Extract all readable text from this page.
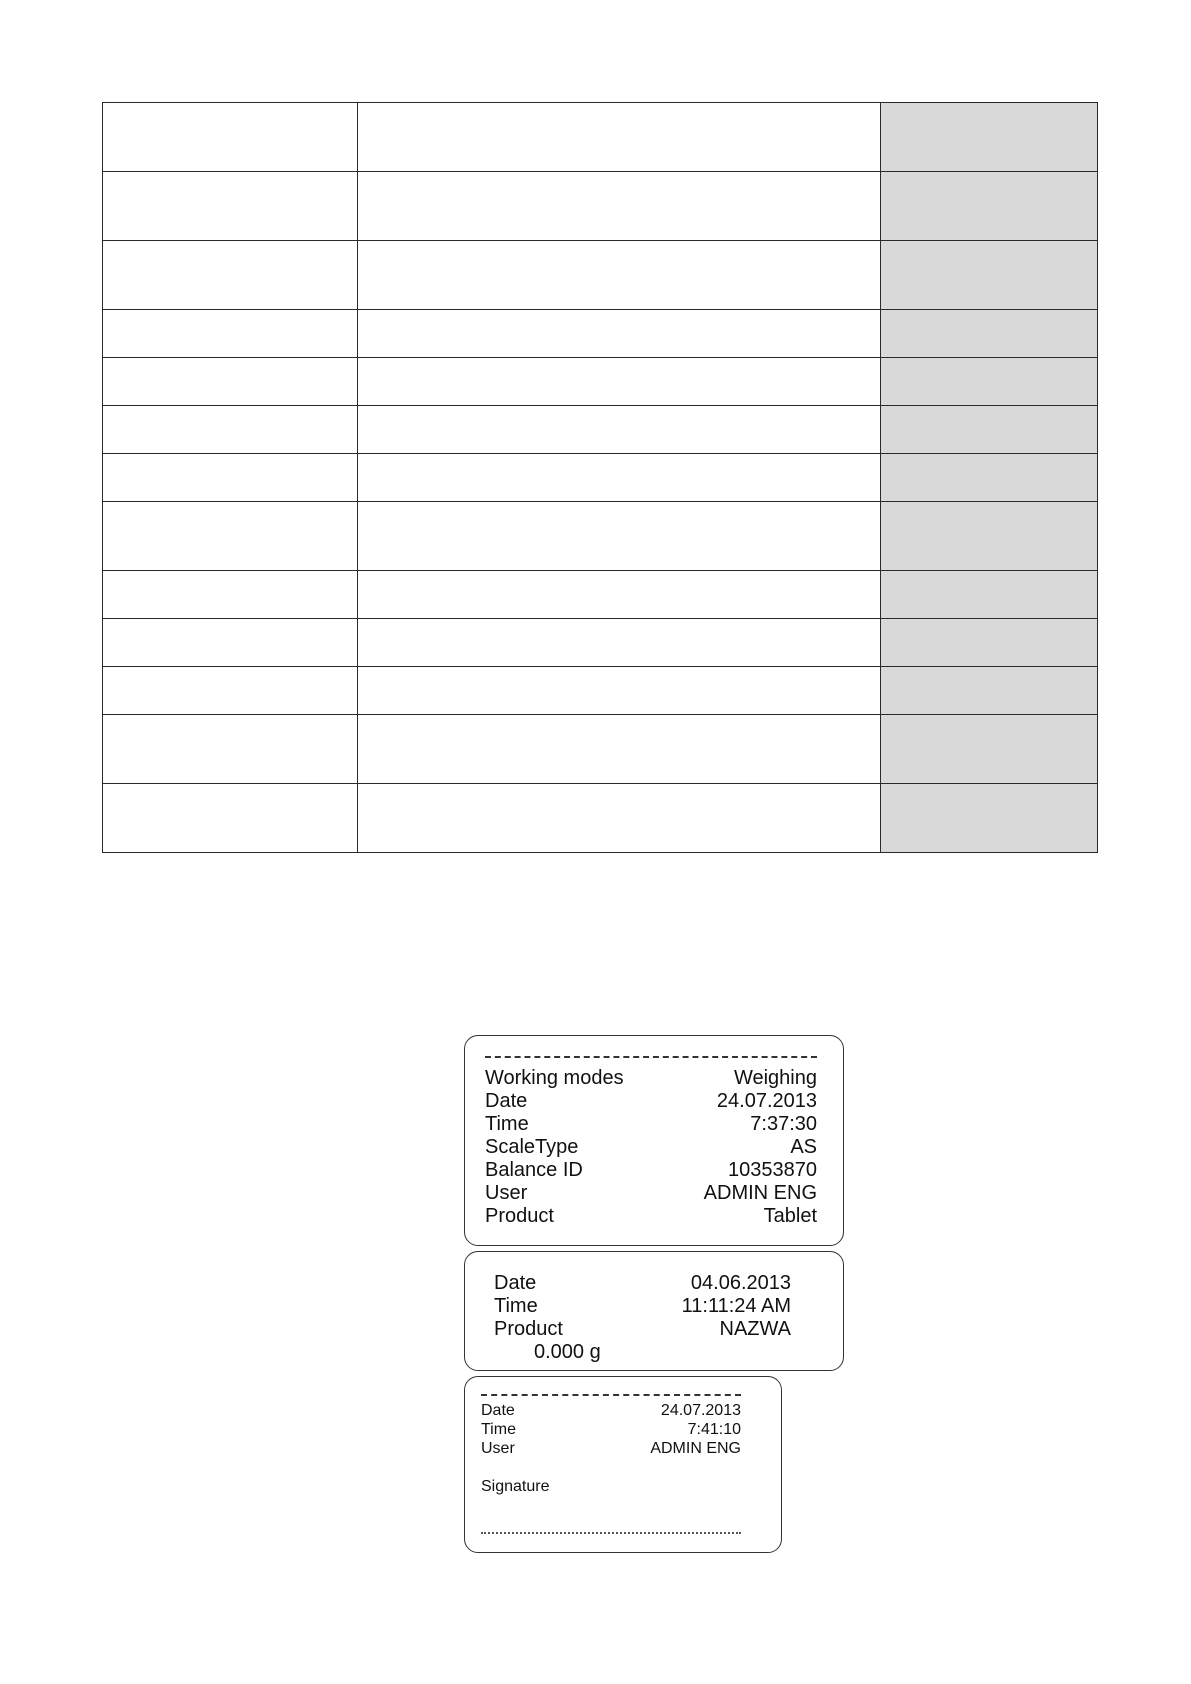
Working modes	Weighing
Date	24.07.2013
Time	7:37:30
ScaleType	AS
Balance ID	10353870
User	ADMIN ENG
Product	Tablet
Date	04.06.2013
Time	11:11:24 AM
Product	NAZWA
0.000 g
Date	24.07.2013
Time	7:41:10
User	ADMIN ENG
Signature
